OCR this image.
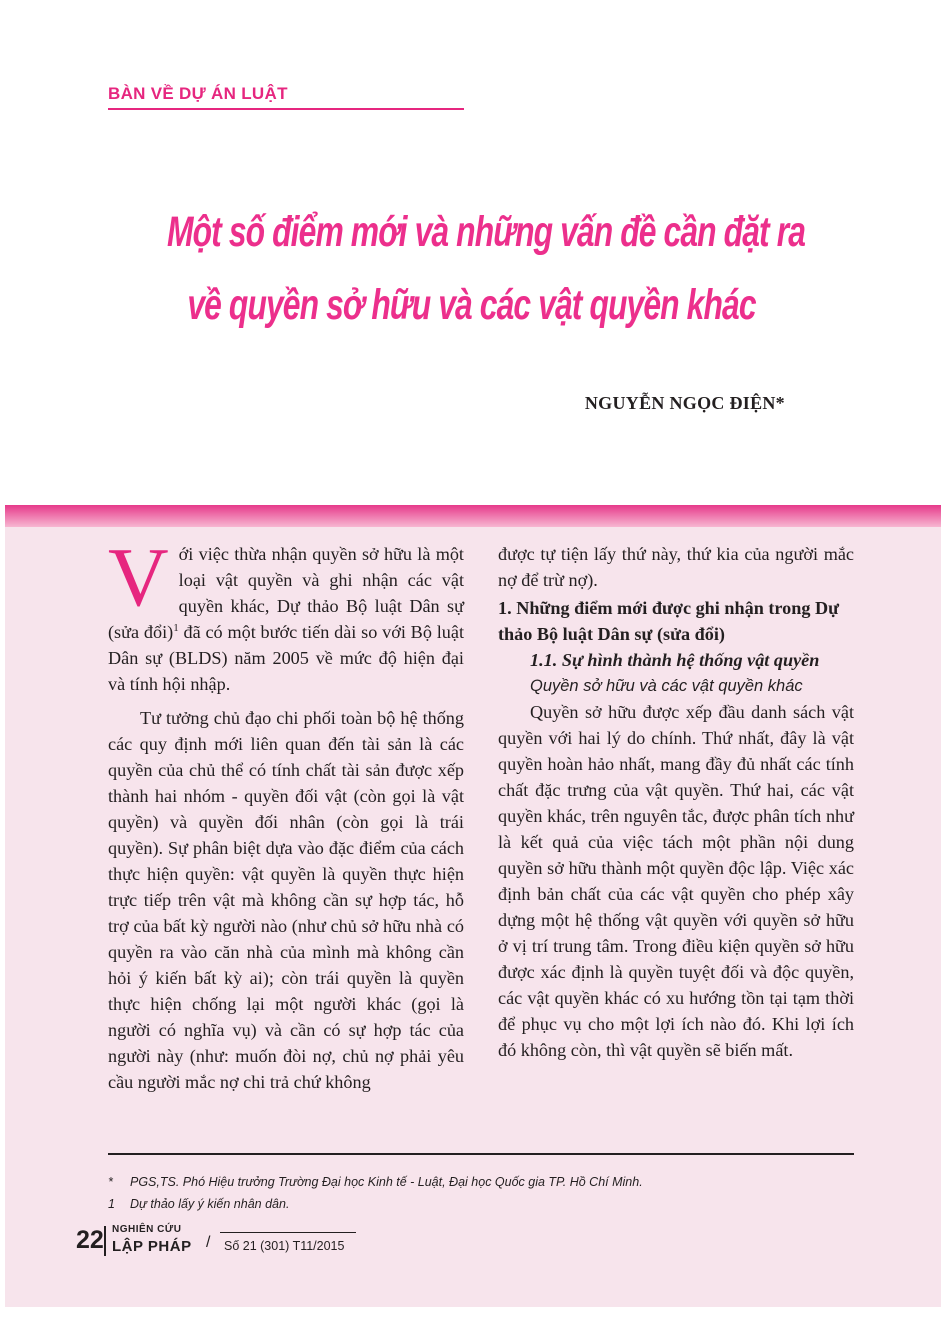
BÀN VỀ DỰ ÁN LUẬT
Một số điểm mới và những vấn đề cần đặt ra
về quyền sở hữu và các vật quyền khác
NGUYỄN NGỌC ĐIỆN*

Với việc thừa nhận quyền sở hữu là một loại vật quyền và ghi nhận các vật quyền khác, Dự thảo Bộ luật Dân sự (sửa đổi)$^1$ đã có một bước tiến dài so với Bộ luật Dân sự (BLDS) năm 2005 về mức độ hiện đại và tính hội nhập.

Tư tưởng chủ đạo chi phối toàn bộ hệ thống các quy định mới liên quan đến tài sản là các quyền của chủ thể có tính chất tài sản được xếp thành hai nhóm - quyền đối vật (còn gọi là vật quyền) và quyền đối nhân (còn gọi là trái quyền). Sự phân biệt dựa vào đặc điểm của cách thực hiện quyền: vật quyền là quyền thực hiện trực tiếp trên vật mà không cần sự hợp tác, hỗ trợ của bất kỳ người nào (như chủ sở hữu nhà có quyền ra vào căn nhà của mình mà không cần hỏi ý kiến bất kỳ ai); còn trái quyền là quyền thực hiện chống lại một người khác (gọi là người có nghĩa vụ) và cần có sự hợp tác của người này (như: muốn đòi nợ, chủ nợ phải yêu cầu người mắc nợ chi trả chứ không

được tự tiện lấy thứ này, thứ kia của người mắc nợ để trừ nợ).

1. Những điểm mới được ghi nhận trong Dự thảo Bộ luật Dân sự (sửa đổi)

1.1. Sự hình thành hệ thống vật quyền

Quyền sở hữu và các vật quyền khác

Quyền sở hữu được xếp đầu danh sách vật quyền với hai lý do chính. Thứ nhất, đây là vật quyền hoàn hảo nhất, mang đầy đủ nhất các tính chất đặc trưng của vật quyền. Thứ hai, các vật quyền khác, trên nguyên tắc, được phân tích như là kết quả của việc tách một phần nội dung quyền sở hữu thành một quyền độc lập. Việc xác định bản chất của các vật quyền cho phép xây dựng một hệ thống vật quyền với quyền sở hữu ở vị trí trung tâm. Trong điều kiện quyền sở hữu được xác định là quyền tuyệt đối và độc quyền, các vật quyền khác có xu hướng tồn tại tạm thời để phục vụ cho một lợi ích nào đó. Khi lợi ích đó không còn, thì vật quyền sẽ biến mất.

* PGS,TS. Phó Hiệu trưởng Trường Đại học Kinh tế - Luật, Đại học Quốc gia TP. Hồ Chí Minh.
1 Dự thảo lấy ý kiến nhân dân.
22 NGHIÊN CỨU
LẬP PHÁP / Số 21 (301) T11/2015
